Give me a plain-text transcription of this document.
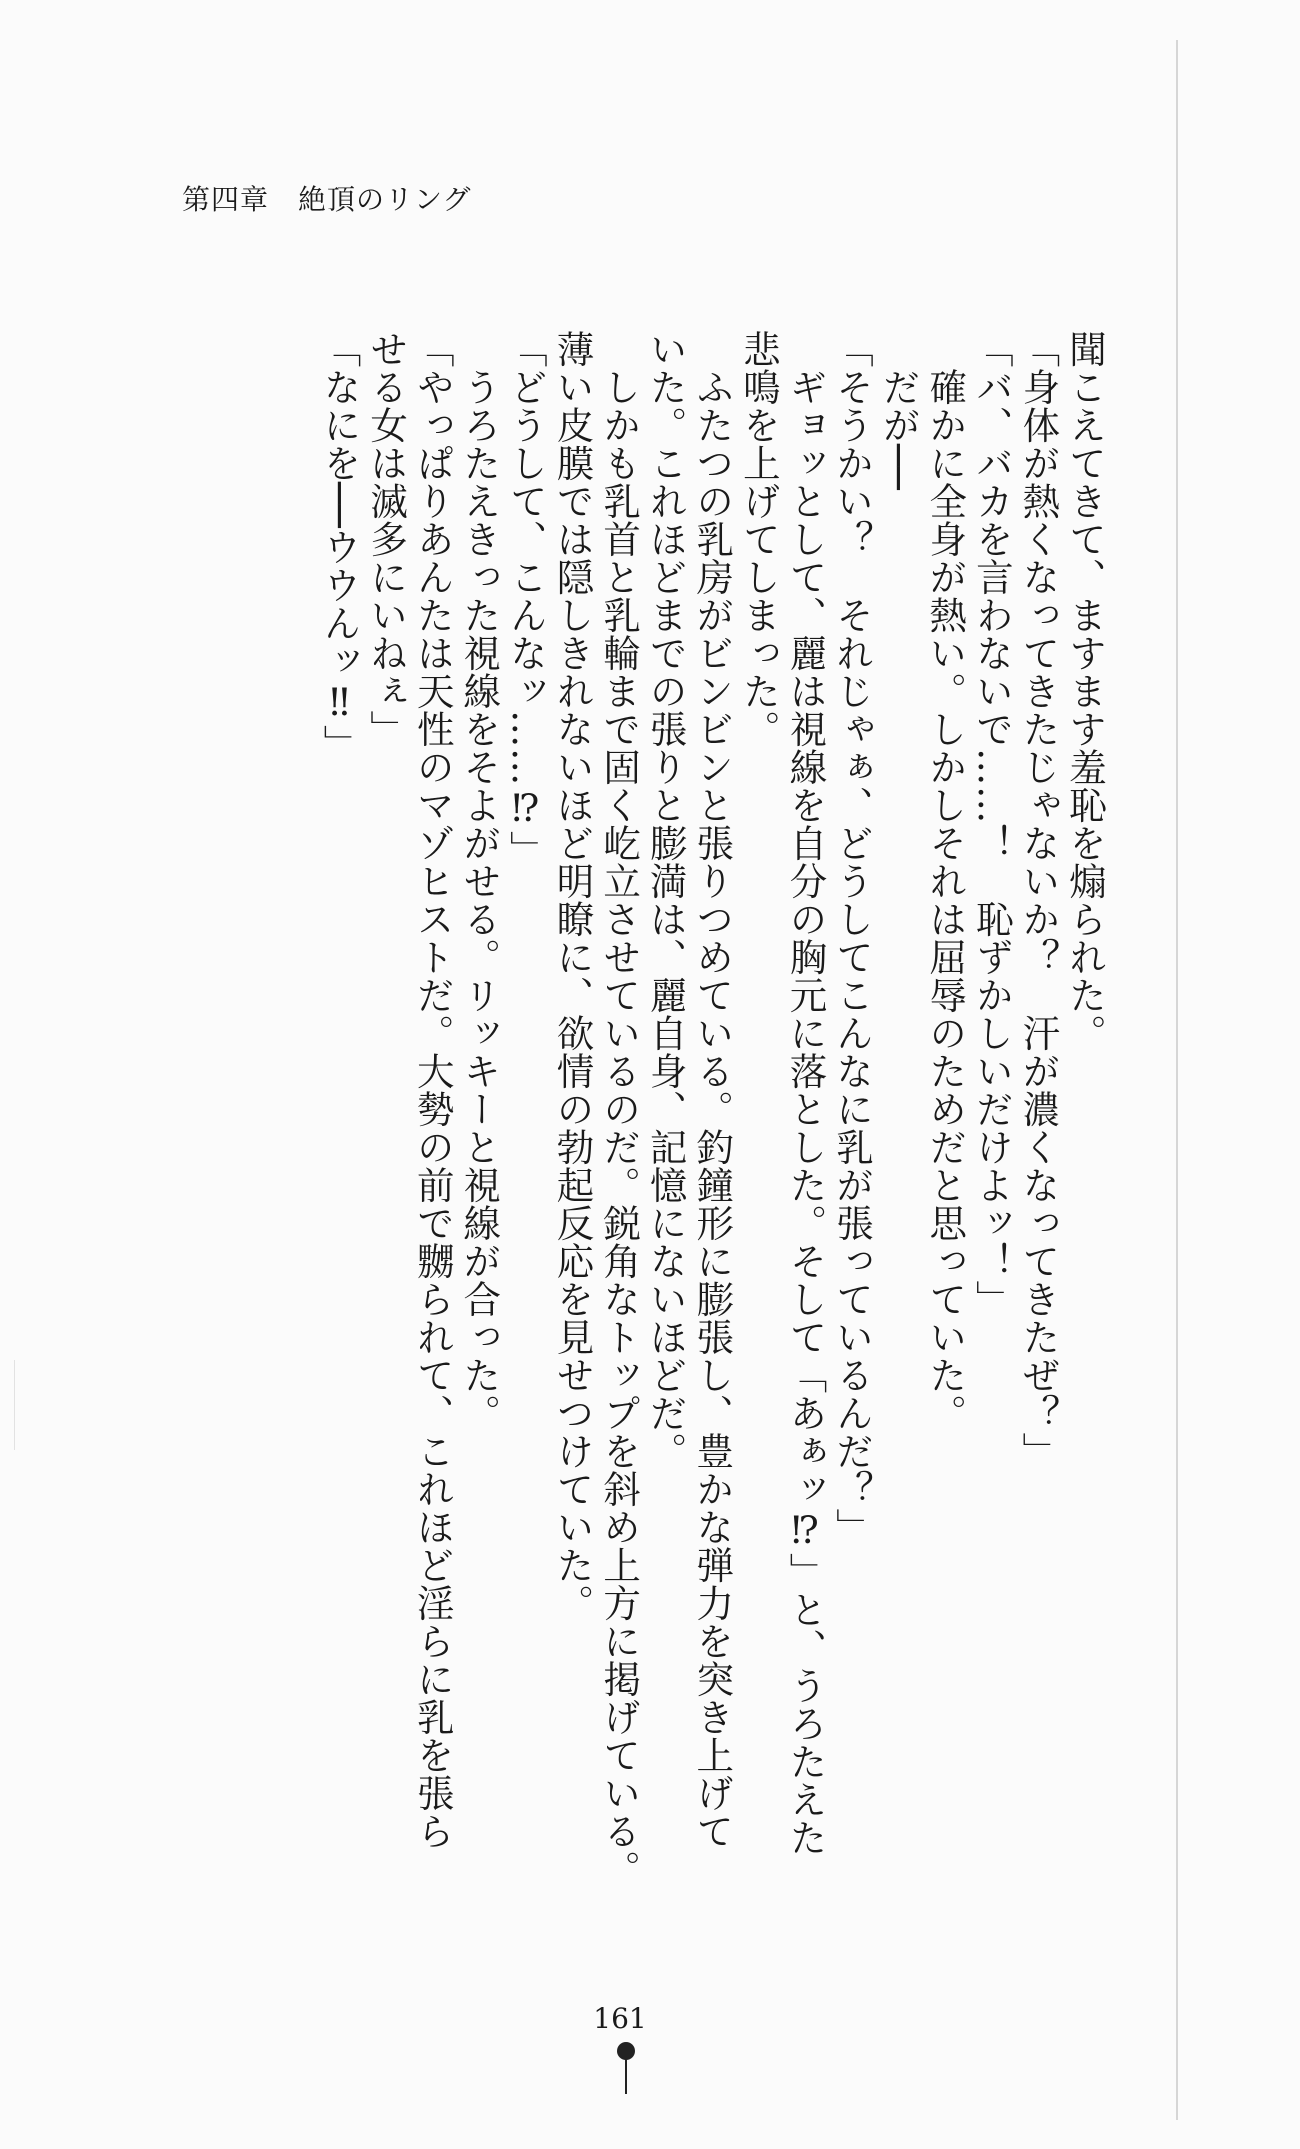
第四章　絶頂のリング
聞こえてきて、ますます羞恥を煽られた。
「身体が熱くなってきたじゃないか？　汗が濃くなってきたぜ？」
「バ、バカを言わないで……！　恥ずかしいだけよッ！」
　確かに全身が熱い。しかしそれは屈辱のためだと思っていた。
　だが──
「そうかい？　それじゃぁ、どうしてこんなに乳が張っているんだ？」
　ギョッとして、麗は視線を自分の胸元に落とした。そして「あぁッ⁉」と、うろたえた
悲鳴を上げてしまった。
　ふたつの乳房がビンビンと張りつめている。釣鐘形に膨張し、豊かな弾力を突き上げて
いた。これほどまでの張りと膨満は、麗自身、記憶にないほどだ。
　しかも乳首と乳輪まで固く屹立させているのだ。鋭角なトップを斜め上方に掲げている。
薄い皮膜では隠しきれないほど明瞭に、欲情の勃起反応を見せつけていた。
「どうして、こんなッ……⁉」
　うろたえきった視線をそよがせる。リッキーと視線が合った。
「やっぱりあんたは天性のマゾヒストだ。大勢の前で嬲られて、これほど淫らに乳を張ら
せる女は滅多にいねぇ」
「なにを──ウウんッ‼」
161
